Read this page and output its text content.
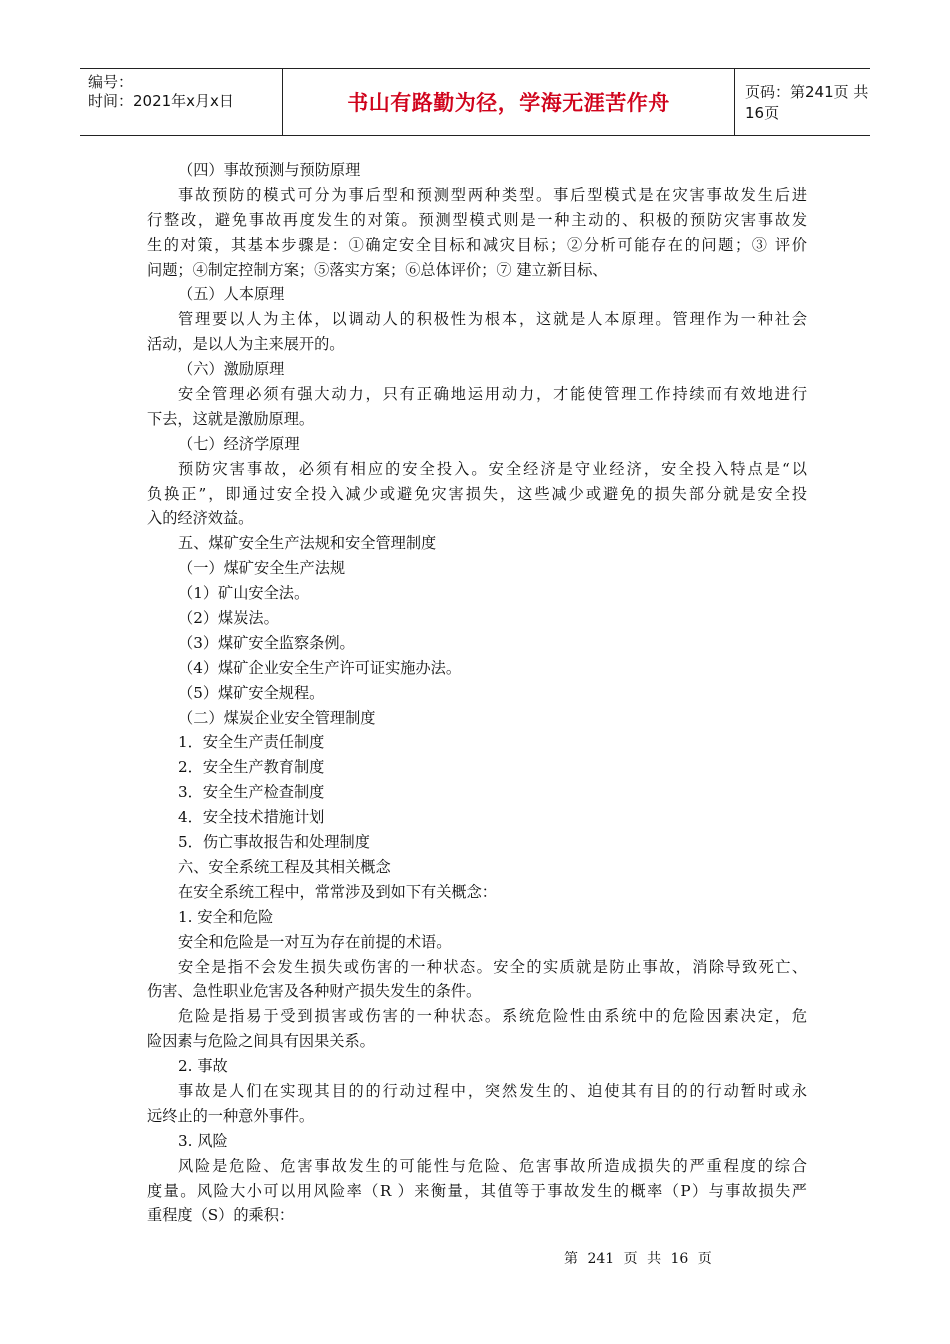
编号：
时间：2021年x月x日	书山有路勤为径，学海无涯苦作舟	页码：第241页 共16页
（四）事故预测与预防原理
事故预防的模式可分为事后型和预测型两种类型。事后型模式是在灾害事故发生后进
行整改，避免事故再度发生的对策。预测型模式则是一种主动的、积极的预防灾害事故发
生的对策，其基本步骤是：①确定安全目标和减灾目标；②分析可能存在的问题；③ 评价
问题；④制定控制方案；⑤落实方案；⑥总体评价；⑦ 建立新目标、
（五）人本原理
管理要以人为主体，以调动人的积极性为根本，这就是人本原理。管理作为一种社会
活动，是以人为主来展开的。
（六）激励原理
安全管理必须有强大动力，只有正确地运用动力，才能使管理工作持续而有效地进行
下去，这就是激励原理。
（七）经济学原理
预防灾害事故，必须有相应的安全投入。安全经济是守业经济，安全投入特点是“以
负换正”，即通过安全投入减少或避免灾害损失，这些减少或避免的损失部分就是安全投
入的经济效益。
五、煤矿安全生产法规和安全管理制度
（一）煤矿安全生产法规
（1）矿山安全法。
（2）煤炭法。
（3）煤矿安全监察条例。
（4）煤矿企业安全生产许可证实施办法。
（5）煤矿安全规程。
（二）煤炭企业安全管理制度
1．安全生产责任制度
2．安全生产教育制度
3．安全生产检查制度
4．安全技术措施计划
5．伤亡事故报告和处理制度
六、安全系统工程及其相关概念
在安全系统工程中，常常涉及到如下有关概念：
1. 安全和危险
安全和危险是一对互为存在前提的术语。
安全是指不会发生损失或伤害的一种状态。安全的实质就是防止事故，消除导致死亡、
伤害、急性职业危害及各种财产损失发生的条件。
危险是指易于受到损害或伤害的一种状态。系统危险性由系统中的危险因素决定，危
险因素与危险之间具有因果关系。
2. 事故
事故是人们在实现其目的的行动过程中，突然发生的、迫使其有目的的行动暂时或永
远终止的一种意外事件。
3. 风险
风险是危险、危害事故发生的可能性与危险、危害事故所造成损失的严重程度的综合
度量。风险大小可以用风险率（R ）来衡量，其值等于事故发生的概率（P）与事故损失严
重程度（S）的乘积：
第 241 页 共 16 页
